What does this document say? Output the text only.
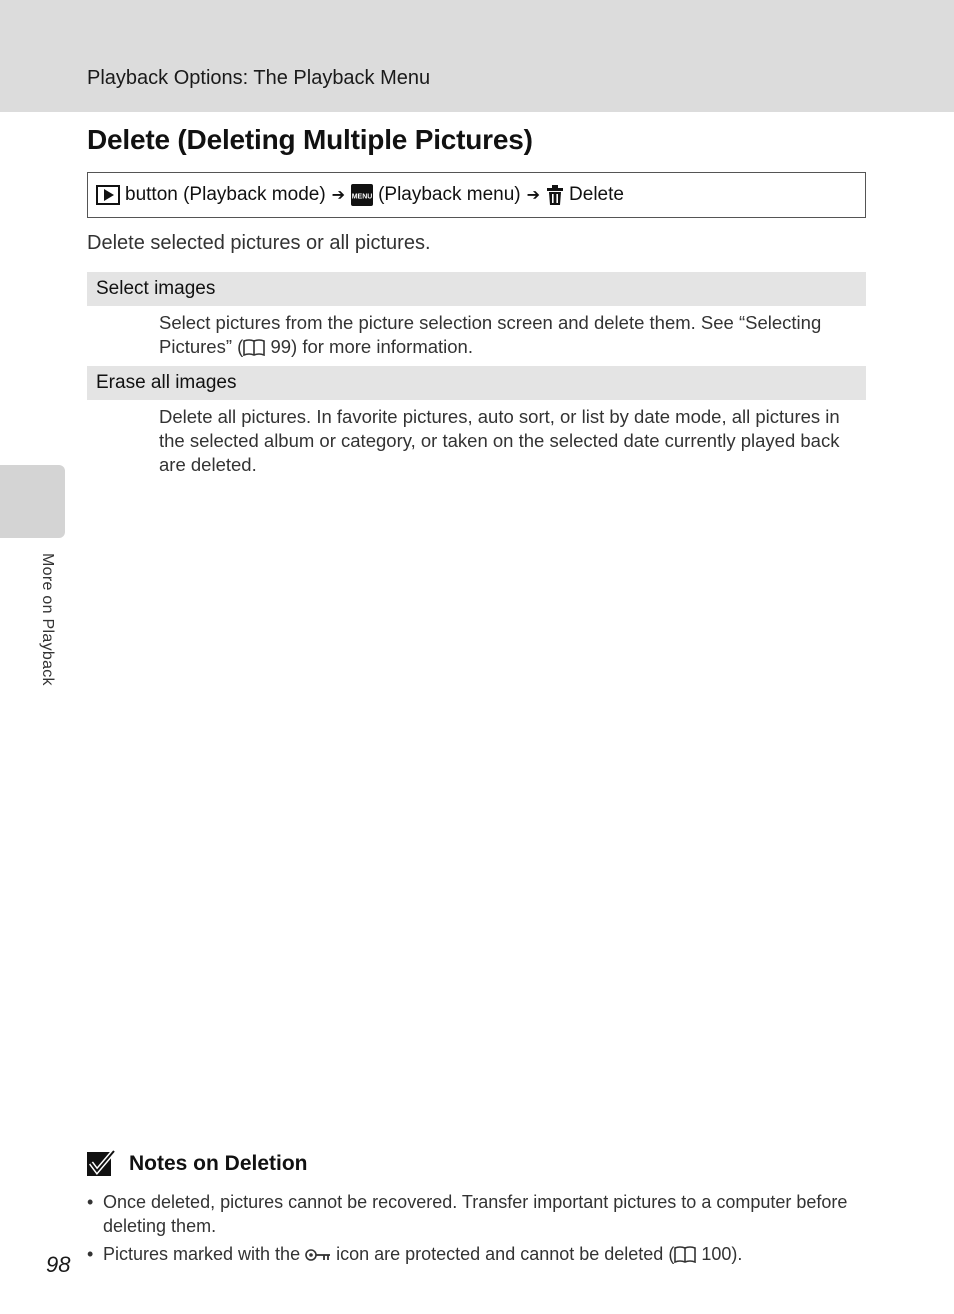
Playback Options: The Playback Menu
Delete (Deleting Multiple Pictures)
button (Playback mode) ➔ MENU (Playback menu) ➔ Delete
Delete selected pictures or all pictures.
Select images
Select pictures from the picture selection screen and delete them. See “Selecting Pictures” ( 99) for more information.
Erase all images
Delete all pictures. In favorite pictures, auto sort, or list by date mode, all pictures in the selected album or category, or taken on the selected date currently played back are deleted.
More on Playback
Notes on Deletion
• Once deleted, pictures cannot be recovered. Transfer important pictures to a computer before deleting them.
• Pictures marked with the  icon are protected and cannot be deleted ( 100).
98
